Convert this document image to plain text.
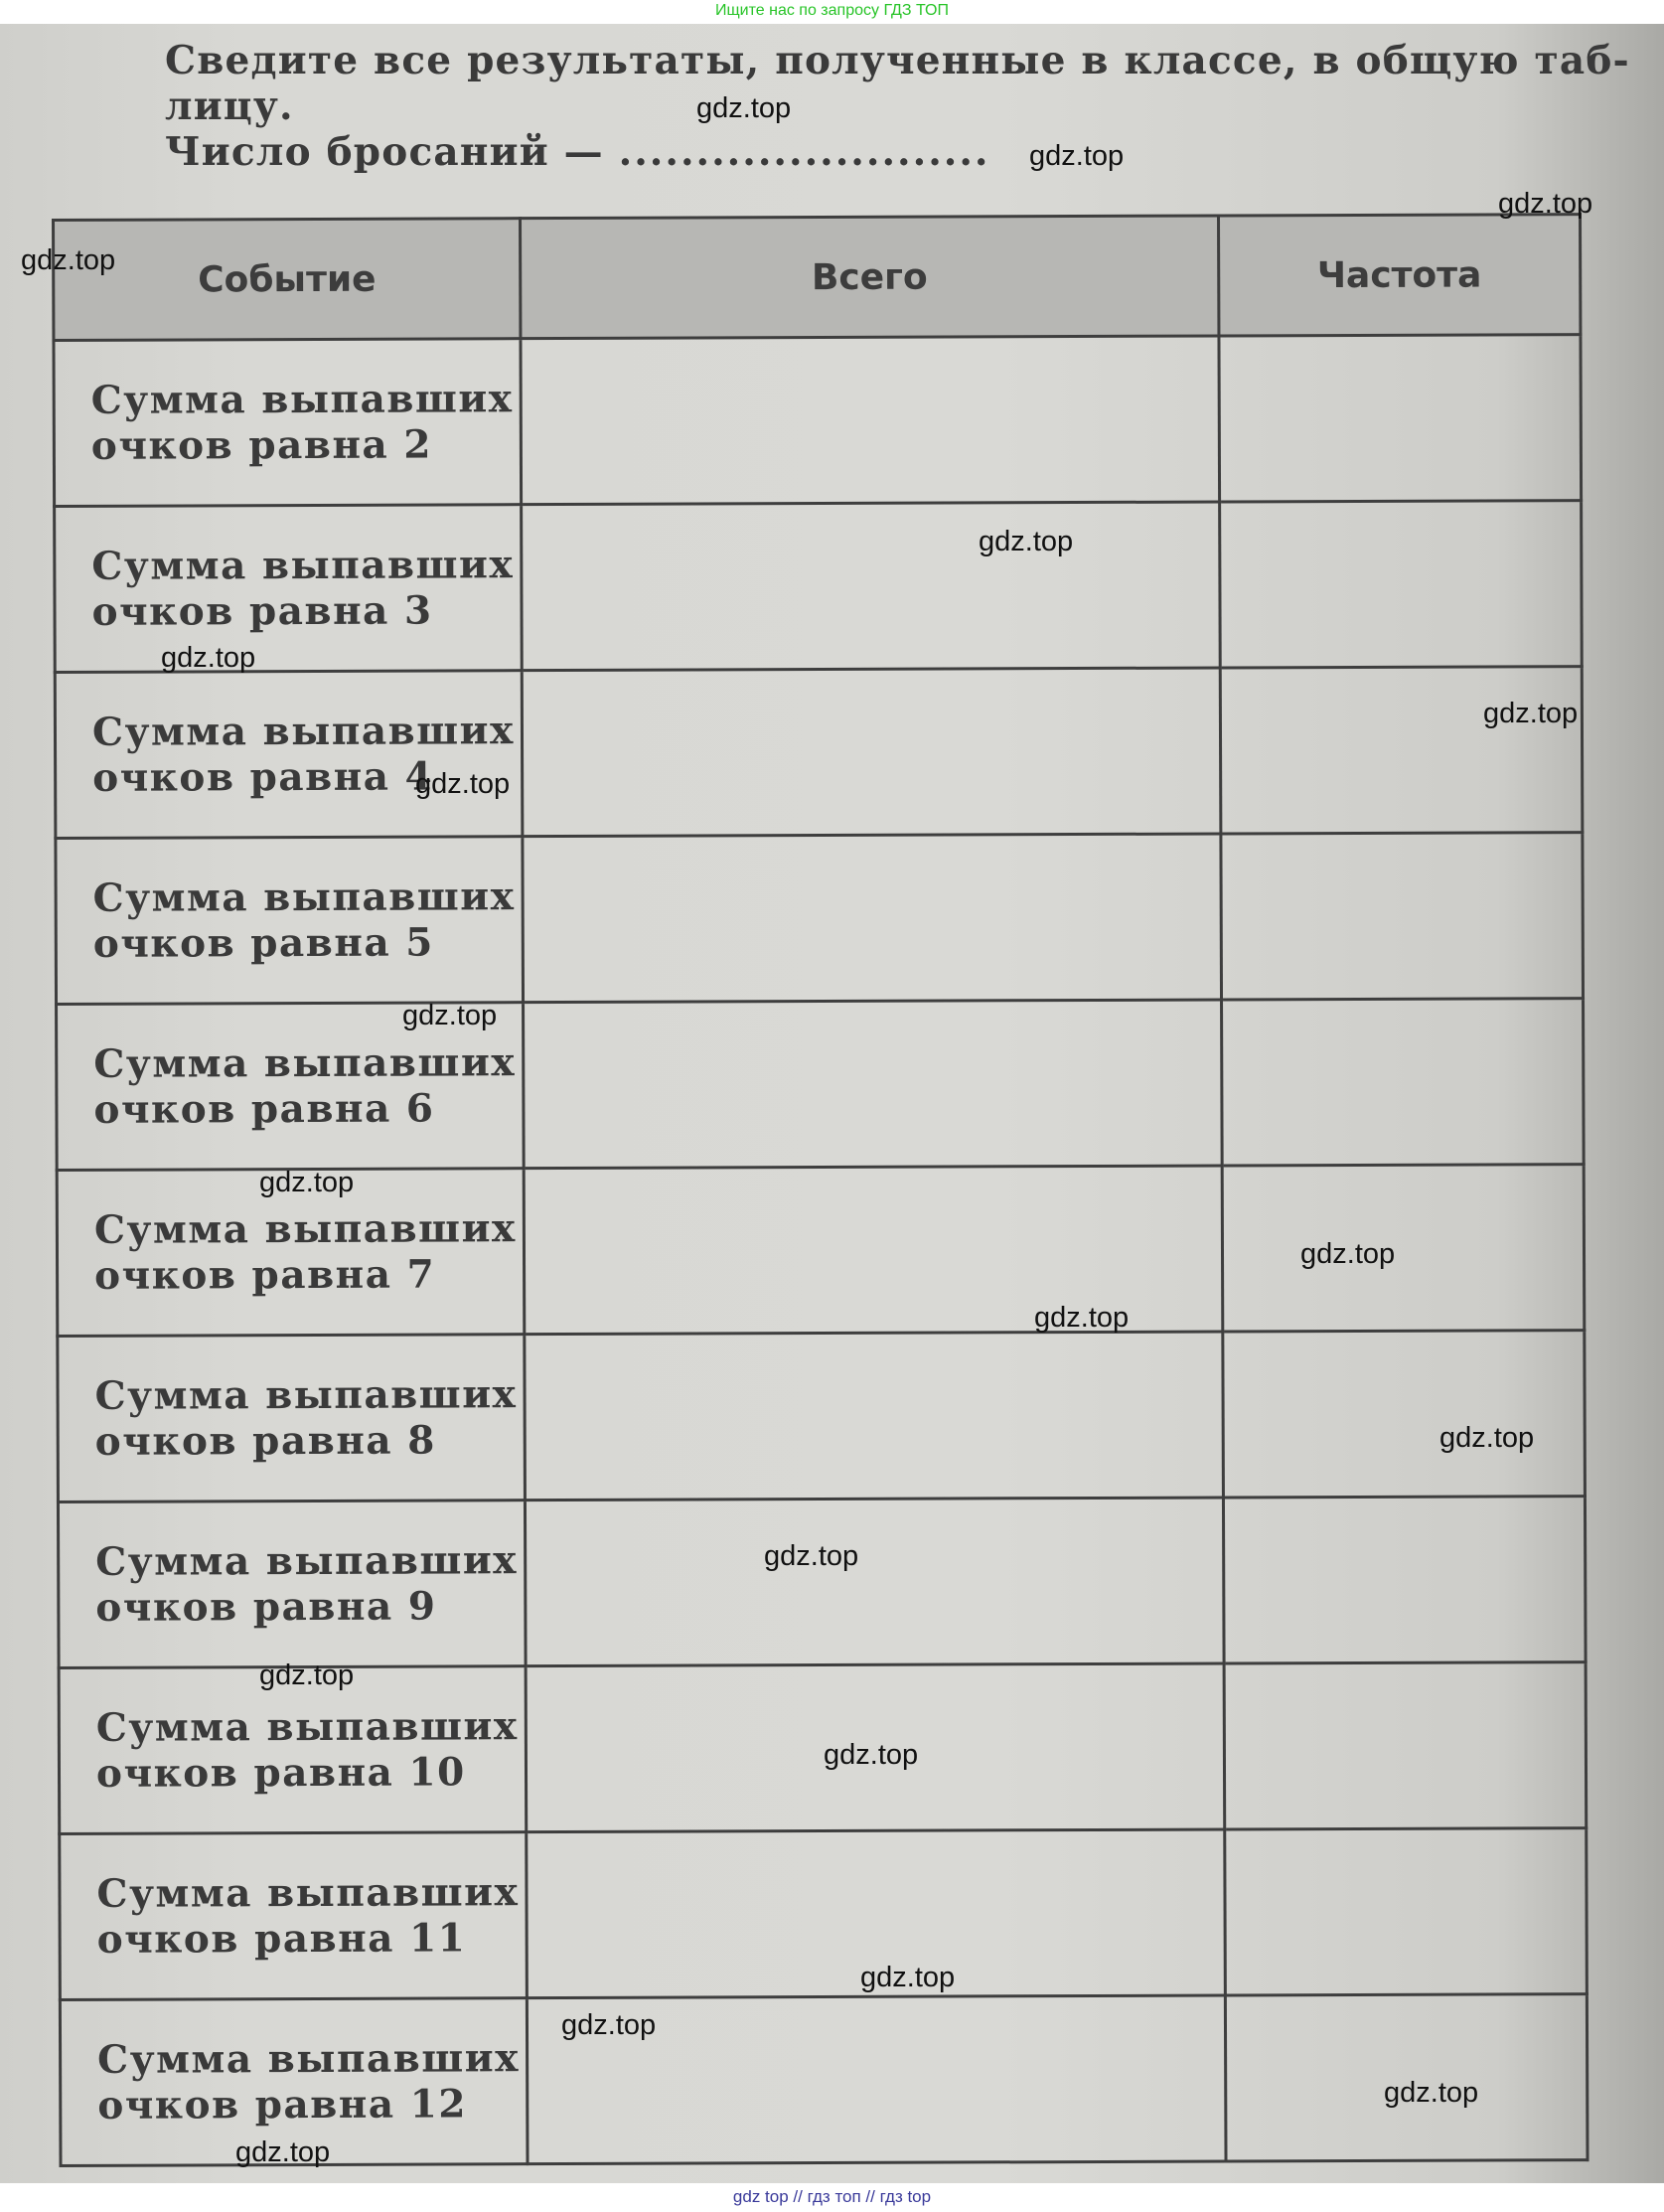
Ищите нас по запросу ГДЗ ТОП
Сведите все результаты, полученные в классе, в общую таб-
лицу.
Число бросаний — ........................
Событие	Всего	Частота
Сумма выпавших
очков равна 2		
Сумма выпавших
очков равна 3		
Сумма выпавших
очков равна 4		
Сумма выпавших
очков равна 5		
Сумма выпавших
очков равна 6		
Сумма выпавших
очков равна 7		
Сумма выпавших
очков равна 8		
Сумма выпавших
очков равна 9		
Сумма выпавших
очков равна 10		
Сумма выпавших
очков равна 11		
Сумма выпавших
очков равна 12		
gdz.top
gdz.top
gdz.top
gdz.top
gdz.top
gdz.top
gdz.top
gdz.top
gdz.top
gdz.top
gdz.top
gdz.top
gdz.top
gdz.top
gdz.top
gdz.top
gdz.top
gdz.top
gdz.top
gdz.top
gdz top // гдз топ // гдз top
